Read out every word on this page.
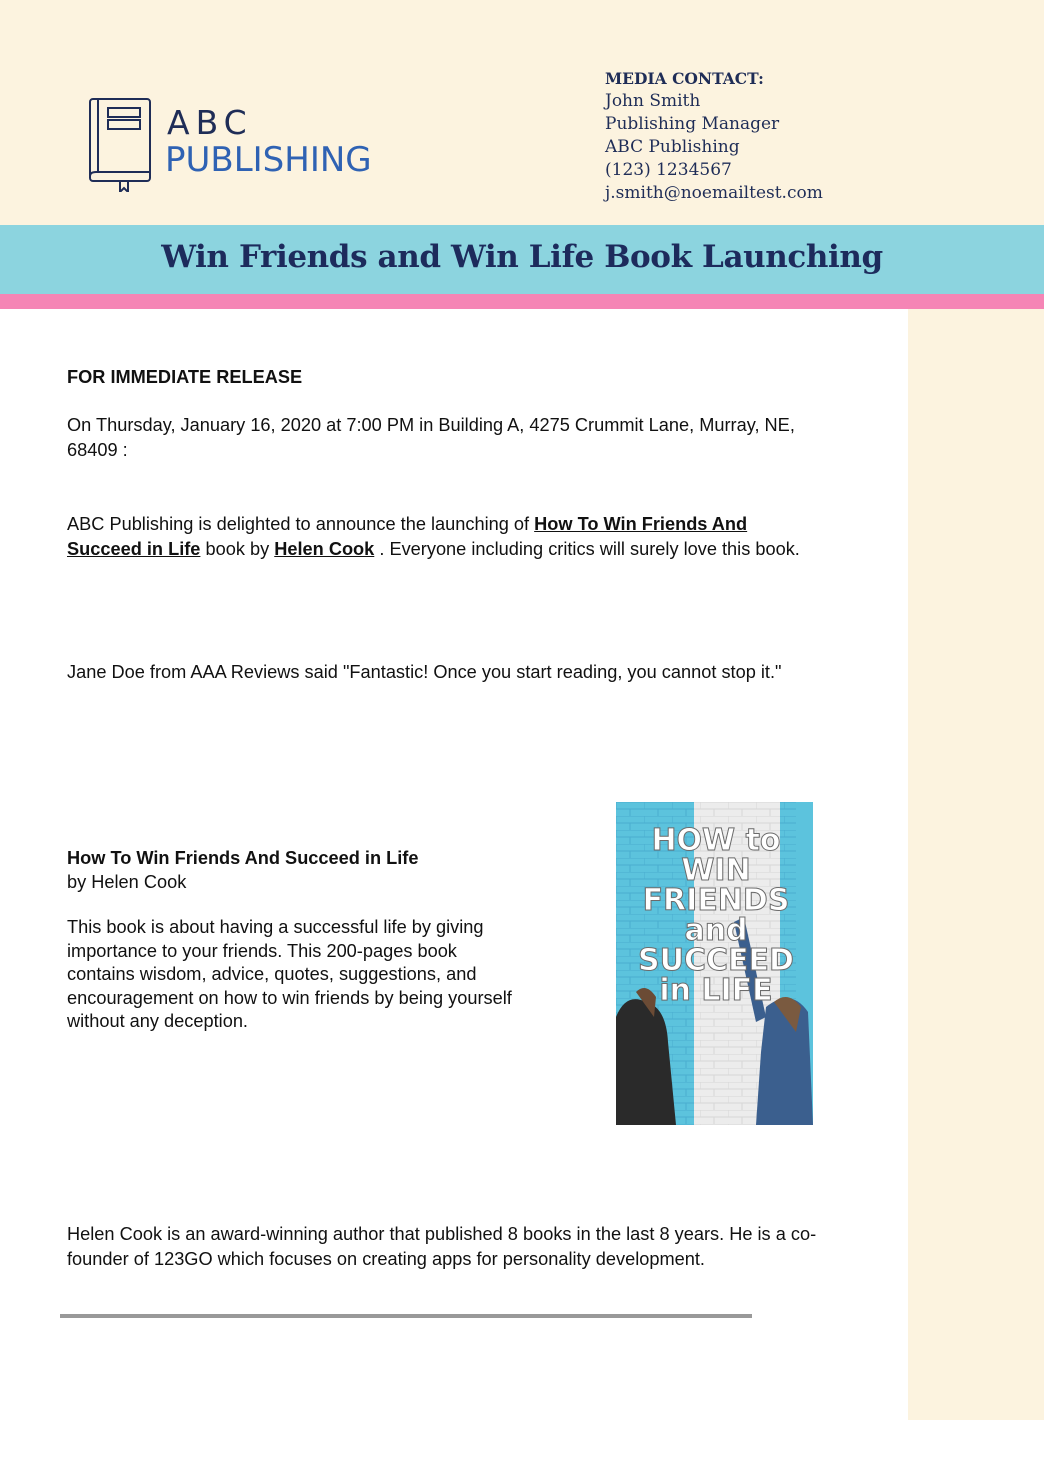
ABC
PUBLISHING
MEDIA CONTACT:
John Smith
Publishing Manager
ABC Publishing
(123) 1234567
j.smith@noemailtest.com
Win Friends and Win Life Book Launching

FOR IMMEDIATE RELEASE

On Thursday, January 16, 2020 at 7:00 PM in Building A, 4275 Crummit Lane, Murray, NE, 68409 :

ABC Publishing is delighted to announce the launching of How To Win Friends And Succeed in Life book by Helen Cook . Everyone including critics will surely love this book.

Jane Doe from AAA Reviews said "Fantastic! Once you start reading, you cannot stop it."

How To Win Friends And Succeed in Life

by Helen Cook

This book is about having a successful life by giving importance to your friends. This 200-pages book contains wisdom, advice, quotes, suggestions, and encouragement on how to win friends by being yourself without any deception.

HOW to
WIN
FRIENDS
and
SUCCEED
in LIFE

Helen Cook is an award-winning author that published 8 books in the last 8 years. He is a co-founder of 123GO which focuses on creating apps for personality development.
